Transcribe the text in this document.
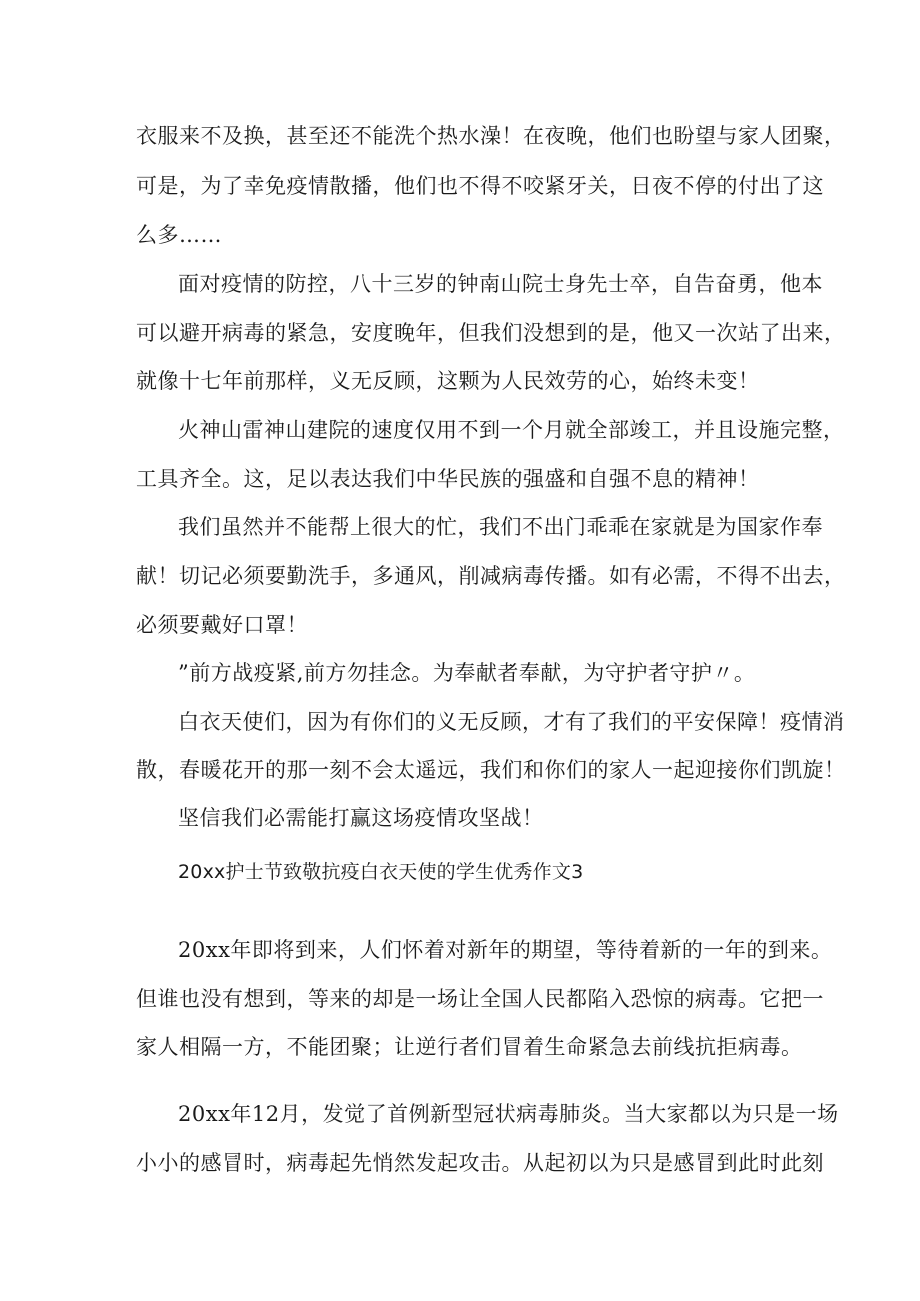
衣服来不及换，甚至还不能洗个热水澡！在夜晚，他们也盼望与家人团聚，
可是，为了幸免疫情散播，他们也不得不咬紧牙关，日夜不停的付出了这
么多……
面对疫情的防控，八十三岁的钟南山院士身先士卒，自告奋勇，他本
可以避开病毒的紧急，安度晚年，但我们没想到的是，他又一次站了出来，
就像十七年前那样，义无反顾，这颗为人民效劳的心，始终未变！
火神山雷神山建院的速度仅用不到一个月就全部竣工，并且设施完整，
工具齐全。这，足以表达我们中华民族的强盛和自强不息的精神！
我们虽然并不能帮上很大的忙，我们不出门乖乖在家就是为国家作奉
献！切记必须要勤洗手，多通风，削减病毒传播。如有必需，不得不出去，
必须要戴好口罩！
”前方战疫紧,前方勿挂念。为奉献者奉献，为守护者守护〃。
白衣天使们，因为有你们的义无反顾，才有了我们的平安保障！疫情消
散，春暖花开的那一刻不会太遥远，我们和你们的家人一起迎接你们凯旋！
坚信我们必需能打赢这场疫情攻坚战！
20xx护士节致敬抗疫白衣天使的学生优秀作文3
20xx年即将到来，人们怀着对新年的期望，等待着新的一年的到来。
但谁也没有想到，等来的却是一场让全国人民都陷入恐惊的病毒。它把一
家人相隔一方，不能团聚；让逆行者们冒着生命紧急去前线抗拒病毒。
20xx年12月，发觉了首例新型冠状病毒肺炎。当大家都以为只是一场
小小的感冒时，病毒起先悄然发起攻击。从起初以为只是感冒到此时此刻
